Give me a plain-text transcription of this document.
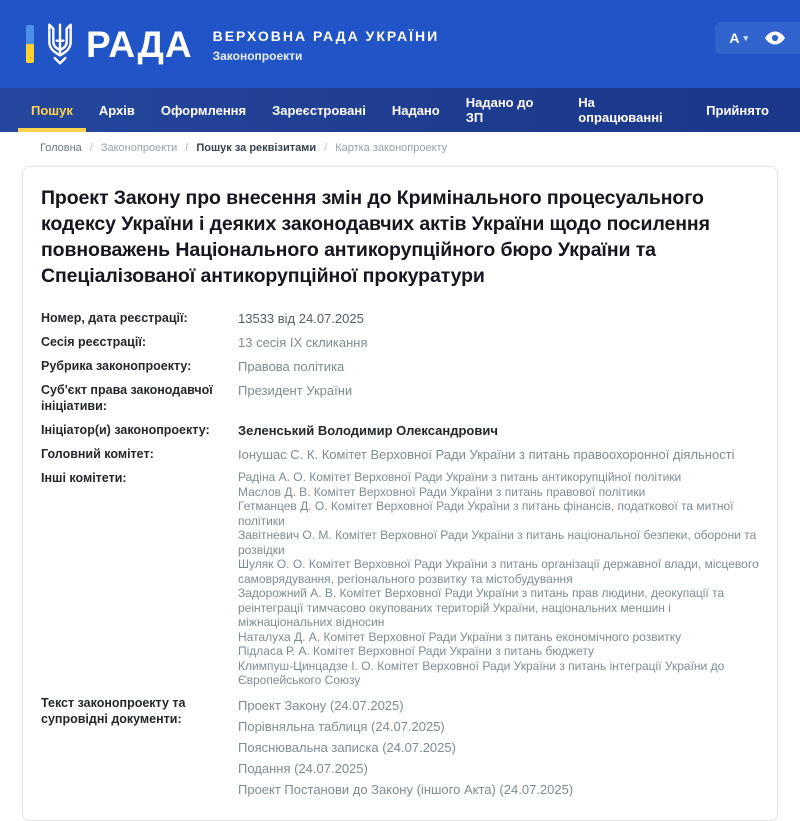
РАДА ВЕРХОВНА РАДА УКРАЇНИ
Законопроекти
A ▾
Пошук	Архів	Оформлення	Зареєстровані	Надано	Надано до ЗП
На опрацюванні	Прийнято
Головна / Законопроекти / Пошук за реквізитами / Картка законопроекту
Проект Закону про внесення змін до Кримінального процесуального кодексу України і деяких законодавчих актів України щодо посилення повноважень Національного антикорупційного бюро України та Спеціалізованої антикорупційної прокуратури
Номер, дата реєстрації:	13533 від 24.07.2025
Сесія реєстрації:	13 сесія IX скликання
Рубрика законопроекту:	Правова політика
Суб'єкт права законодавчої ініціативи:
Президент України
Ініціатор(и) законопроекту:	Зеленський Володимир Олександрович
Головний комітет:	Іонушас С. К. Комітет Верховної Ради України з питань правоохоронної діяльності
Інші комітети:	Радіна А. О. Комітет Верховної Ради України з питань антикорупційної політики
Маслов Д. В. Комітет Верховної Ради України з питань правової політики
Гетманцев Д. О. Комітет Верховної Ради України з питань фінансів, податкової та митної політики
Завітневич О. М. Комітет Верховної Ради України з питань національної безпеки, оборони та розвідки
Шуляк О. О. Комітет Верховної Ради України з питань організації державної влади, місцевого самоврядування, регіонального розвитку та містобудування
Задорожний А. В. Комітет Верховної Ради України з питань прав людини, деокупації та реінтеграції тимчасово окупованих територій України, національних меншин і міжнаціональних відносин
Наталуха Д. А. Комітет Верховної Ради України з питань економічного розвитку
Підласа Р. А. Комітет Верховної Ради України з питань бюджету
Климпуш-Цинцадзе І. О. Комітет Верховної Ради України з питань інтеграції України до Європейського Союзу
Текст законопроекту та супровідні документи:
Проект Закону (24.07.2025)
Порівняльна таблиця (24.07.2025)
Пояснювальна записка (24.07.2025)
Подання (24.07.2025)
Проект Постанови до Закону (іншого Акта) (24.07.2025)
